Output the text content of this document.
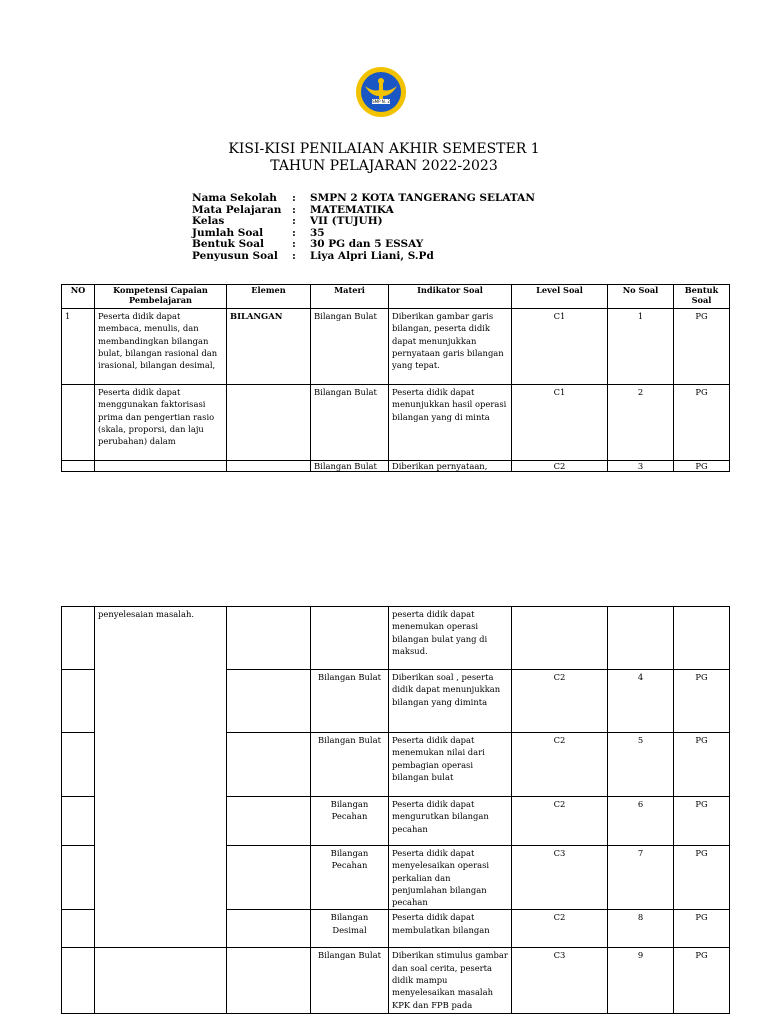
SMP N. 2
KISI-KISI PENILAIAN AKHIR SEMESTER 1
TAHUN PELAJARAN 2022-2023
Nama Sekolah	:	SMPN 2 KOTA TANGERANG SELATAN
Mata Pelajaran	:	MATEMATIKA
Kelas	:	VII (TUJUH)
Jumlah Soal	:	35
Bentuk Soal	:	30 PG dan 5 ESSAY
Penyusun Soal	:	Liya Alpri Liani, S.Pd
NO	Kompetensi Capaian Pembelajaran	Elemen	Materi	Indikator Soal	Level Soal	No Soal	Bentuk Soal
1	Peserta didik dapat membaca, menulis, dan membandingkan bilangan bulat, bilangan rasional dan irasional, bilangan desimal,	BILANGAN	Bilangan Bulat	Diberikan gambar garis bilangan, peserta didik dapat menunjukkan pernyataan garis bilangan yang tepat.	C1	1	PG
	Peserta didik dapat menggunakan faktorisasi prima dan pengertian rasio (skala, proporsi, dan laju perubahan) dalam		Bilangan Bulat	Peserta didik dapat menunjukkan hasil operasi bilangan yang di minta	C1	2	PG
			Bilangan Bulat	Diberikan pernyataan,	C2	3	PG
	penyelesaian masalah.			peserta didik dapat menemukan operasi bilangan bulat yang di maksud.			
			Bilangan Bulat	Diberikan soal , peserta didik dapat menunjukkan bilangan yang diminta	C2	4	PG
			Bilangan Bulat	Peserta didik dapat menemukan nilai dari pembagian operasi bilangan bulat	C2	5	PG
			Bilangan Pecahan	Peserta didik dapat mengurutkan bilangan pecahan	C2	6	PG
			Bilangan Pecahan	Peserta didik dapat menyelesaikan operasi perkalian dan penjumlahan bilangan pecahan	C3	7	PG
			Bilangan Desimal	Peserta didik dapat membulatkan bilangan	C2	8	PG
			Bilangan Bulat	Diberikan stimulus gambar dan soal cerita, peserta didik mampu menyelesaikan masalah KPK dan FPB pada	C3	9	PG
